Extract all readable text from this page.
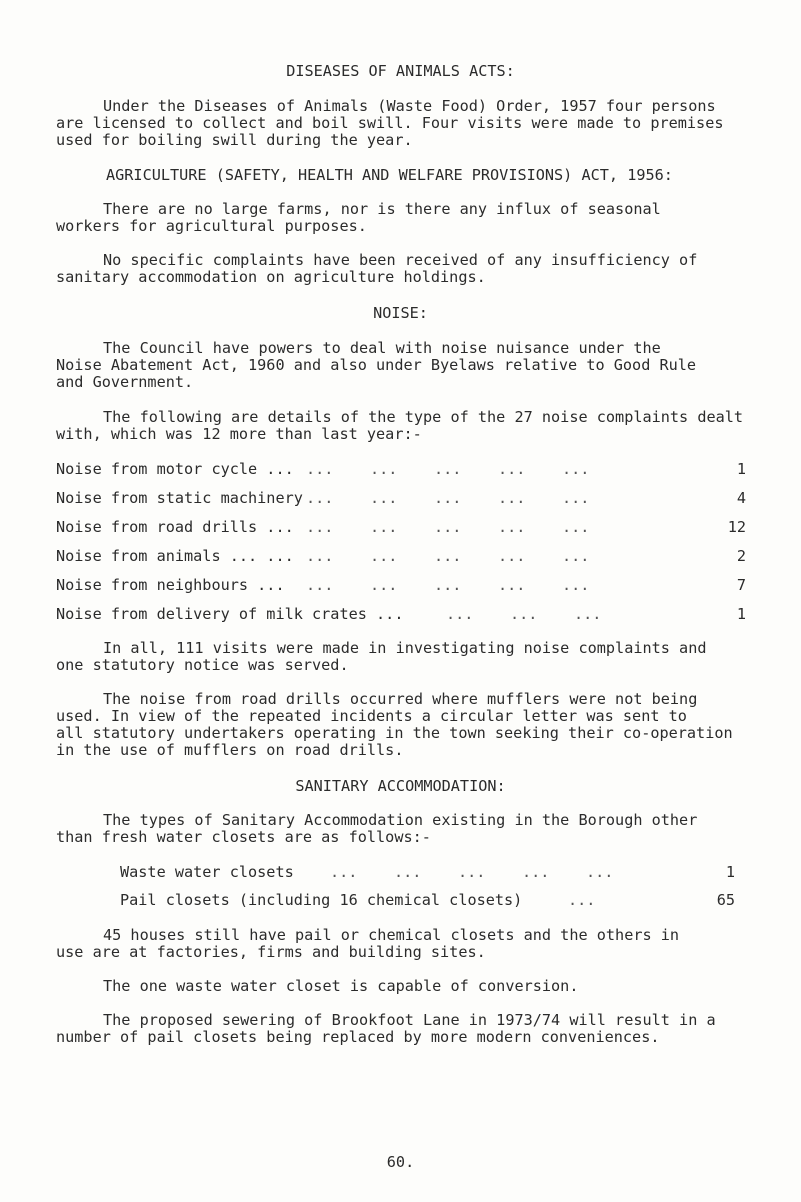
DISEASES OF ANIMALS ACTS:
Under the Diseases of Animals (Waste Food) Order, 1957 four persons
are licensed to collect and boil swill. Four visits were made to premises
used for boiling swill during the year.
AGRICULTURE (SAFETY, HEALTH AND WELFARE PROVISIONS) ACT, 1956:
There are no large farms, nor is there any influx of seasonal
workers for agricultural purposes.
No specific complaints have been received of any insufficiency of
sanitary accommodation on agriculture holdings.
NOISE:
The Council have powers to deal with noise nuisance under the
Noise Abatement Act, 1960 and also under Byelaws relative to Good Rule
and Government.
The following are details of the type of the 27 noise complaints dealt
with, which was 12 more than last year:-
Noise from motor cycle ... ...    ...    ...    ...    ...	1
Noise from static machinery ...    ...    ...    ...    ...	4
Noise from road drills ... ...    ...    ...    ...    ...	12
Noise from animals ... ... ...    ...    ...    ...    ...	2
Noise from neighbours ... ...    ...    ...    ...    ...	7
Noise from delivery of milk crates ...	...    ...    ...	1
In all, 111 visits were made in investigating noise complaints and
one statutory notice was served.
The noise from road drills occurred where mufflers were not being
used. In view of the repeated incidents a circular letter was sent to
all statutory undertakers operating in the town seeking their co-operation
in the use of mufflers on road drills.
SANITARY ACCOMMODATION:
The types of Sanitary Accommodation existing in the Borough other
than fresh water closets are as follows:-
Waste water closets ...    ...    ...    ...    ...	1
Pail closets (including 16 chemical closets)	...	65
45 houses still have pail or chemical closets and the others in
use are at factories, firms and building sites.
The one waste water closet is capable of conversion.
The proposed sewering of Brookfoot Lane in 1973/74 will result in a
number of pail closets being replaced by more modern conveniences.
60.
